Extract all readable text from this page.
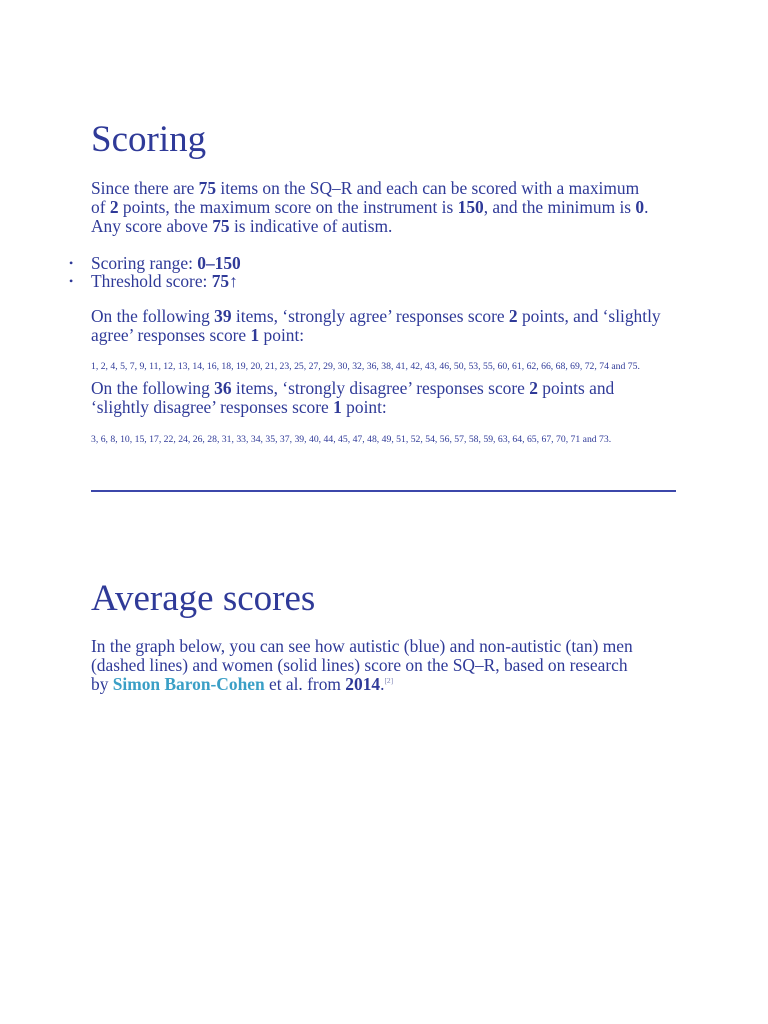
Scoring
Since there are 75 items on the SQ–R and each can be scored with a maximum
of 2 points, the maximum score on the instrument is 150, and the minimum is 0.
Any score above 75 is indicative of autism.
• Scoring range: 0–150
• Threshold score: 75↑
On the following 39 items, ‘strongly agree’ responses score 2 points, and ‘slightly
agree’ responses score 1 point:
1, 2, 4, 5, 7, 9, 11, 12, 13, 14, 16, 18, 19, 20, 21, 23, 25, 27, 29, 30, 32, 36, 38, 41, 42, 43, 46, 50, 53, 55, 60, 61, 62, 66, 68, 69, 72, 74 and 75.
On the following 36 items, ‘strongly disagree’ responses score 2 points and
‘slightly disagree’ responses score 1 point:
3, 6, 8, 10, 15, 17, 22, 24, 26, 28, 31, 33, 34, 35, 37, 39, 40, 44, 45, 47, 48, 49, 51, 52, 54, 56, 57, 58, 59, 63, 64, 65, 67, 70, 71 and 73.
Average scores
In the graph below, you can see how autistic (blue) and non-autistic (tan) men
(dashed lines) and women (solid lines) score on the SQ–R, based on research
by Simon Baron-Cohen et al. from 2014.[2]
